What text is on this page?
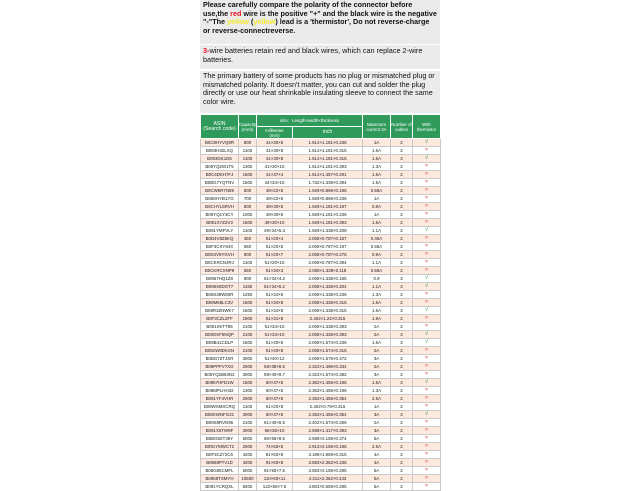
Please carefully compare the polarity of the connector before use,the red wire is the positive "+" and the black wire is the negative "-"The yellow (yellow) lead is a 'thermistor', Do not reverse-charge or reverse-connectreverse.
3-wire batteries retain red and black wires, which can replace 2-wire batteries.
The primary battery of some products has no plug or mismatched plug or mismatched polarity. It doesn't matter, you can cut and solder the plug directly or use our heat shrinkable insulating sleeve to connect the same color wire.
ASIN
(Search code)	Capacity
(mAh)	size：Length×width×thickness		Maximum current 3A	Number of cables	With thermistor
		millimeter
(mm)	inch			
B0C8HYVQ9R	800	41×30×6	1.614×1.181×0.236	1A	2	√
B093H32LXQ	1100	41×30×8	1.614×1.181×0.315	1.6A	2	×
B093GK1D6	1100	41×30×8	1.614×1.181×0.315	1.6A	3	√
B09YQ2W1T5	1300	41×30×10	1.614×1.181×0.393	1.3A	2	×
B0C4DKH7FJ	1600	41×37×4	1.614×1.457×0.291	1.6A	2	×
B0BG7YQTNV	1500	44×34×10	1.732×1.339×0.394	1.5A	2	×
B0CW6R7N89	500	49×22×5	1.929×0.866×0.196	0.55A	2	×
B08SHYB1YG	700	49×22×6	1.929×0.866×0.236	1A	2	×
B0CHYL5RVH	800	49×30×5	1.929×1.181×0.197	0.8A	2	×
B09YQ1Y3CY	1000	49×30×6	1.929×1.181×0.236	1A	2	×
B091XYZ2V3	1600	49×30×10	1.929×1.181×0.393	1.6A	2	×
B091YMFVLY	1100	49×34×5.3	1.929×1.338×0.208	1.1A	2	√
B0D4V8Z8KQ	450	51×20×4	2.008×0.787×0.157	0.45A	2	×
B0F3CXY84X	550	51×20×5	2.008×0.787×0.197	0.55A	2	×
B0D4V9YGVH	900	51×20×7	2.008×0.787×0.276	0.9A	2	×
B0CKRCN4RJ	1100	51×20×10	2.008×0.787×0.394	1.1A	2	×
B0CKRCXNP9	550	51×34×3	2.008×1.338×0.118	0.55A	2	×
B0957HQ1Z8	900	51×34×4.2	2.008×1.338×0.165	0.9	3	√
B098X8DGT7	1150	51×34×5.2	2.008×1.338×0.204	1.1A	3	√
B08S39W83R	1250	51×34×6	2.008×1.338×0.236	1.3A	2	×
B08M68LC3V	1600	51×34×8	2.008×1.338×0.315	1.6A	2	×
B08R3ZNWK7	1600	51×34×8	2.008×1.338×0.315	1.6A	3	√
B0F3CZL2FF	1900	61×31×8	2.402×1.22×0.315	1.9A	2	×
B091XKTT95	2100	51×34×10	2.008×1.338×0.393	2A	2	×
B09GKF5NQP	2100	51×34×10	2.008×1.338×0.393	2A	3	√
B08B41CDLP	1600	51×40×6	2.008×1.574×0.236	1.6A	3	√
B091W8DKSN	2100	51×40×8	2.008×1.574×0.315	2A	2	×
B0BG7ZTJSR	3000	51×40×12	2.008×1.575×0.472	3A	2	×
B09PPFV7XG	2500	59×38×8.5	2.323×1.496×0.334	2A	2	×
B09YQ2B83N2	3000	59×40×9.7	2.323×1.574×0.382	3A	2	×
B0957HFD1W	1500	60×37×5	2.362×1.456×0.196	1.5A	3	√
B08MPLHH32	1300	60×37×5	2.363×1.456×0.196	1.3A	2	×
B091YF4VHR	2500	60×37×9	2.363×1.456×0.354	2.5A	2	×
B09WSMXCRQ	1100	61×20×8	2.402×0.79×0.315	1A	2	×
B08XWNFG31	3000	60×37×9	2.363×1.456×0.354	3A	3	√
B09S8RVD96	2100	61×40×6.5	2.402×1.574×0.256	2A	2	×
B091X5TW9F	3000	66×36×10	2.598×1.417×0.393	3A	2	×
B0BG8ZT39Y	5000	66×55×9.5	2.598×2.165×0.374	5A	2	×
B091YMWC72	2600	74×55×5	2.913×2.165×0.196	2.5A	2	×
B0F3CZ72C6	4200	81×50×9	3.189×1.969×0.315	4A	2	×
B0958P7V1D	4200	91×60×8	3.583×2.362×0.236	4A	2	×
B08G85CMFL	5000	91×55×7.5	3.583×2.165×0.295	5A	2	×
B0958TSMYH	10500	110×60×11	4.311×2.362×0.433	5A	2	×
B091YCRQXL	8200	122×65×7.5	4.803×0.559×0.295	5A	2	×
